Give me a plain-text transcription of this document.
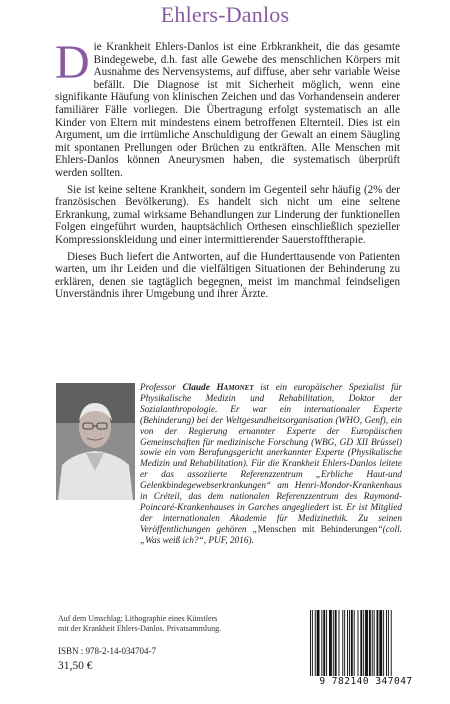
Ehlers-Danlos

Die Krankheit Ehlers-Danlos ist eine Erbkrankheit, die das gesamte Bindegewebe, d.h. fast alle Gewebe des menschlichen Körpers mit Ausnahme des Nervensystems, auf diffuse, aber sehr variable Weise befällt. Die Diagnose ist mit Sicherheit möglich, wenn eine signifikante Häufung von klinischen Zeichen und das Vorhandensein anderer familiärer Fälle vorliegen. Die Übertragung erfolgt systematisch an alle Kinder von Eltern mit mindestens einem betroffenen Elternteil. Dies ist ein Argument, um die irrtümliche Anschuldigung der Gewalt an einem Säugling mit spontanen Prellungen oder Brüchen zu entkräften. Alle Menschen mit Ehlers-Danlos können Aneurysmen haben, die systematisch überprüft werden sollten.

Sie ist keine seltene Krankheit, sondern im Gegenteil sehr häufig (2% der französischen Bevölkerung). Es handelt sich nicht um eine seltene Erkrankung, zumal wirksame Behandlungen zur Linderung der funktionellen Folgen eingeführt wurden, hauptsächlich Orthesen einschließlich spezieller Kompressionskleidung und einer intermittierender Sauerstofftherapie.

Dieses Buch liefert die Antworten, auf die Hunderttausende von Patienten warten, um ihr Leiden und die vielfältigen Situationen der Behinderung zu erklären, denen sie tagtäglich begegnen, meist im manchmal feindseligen Unverständnis ihrer Umgebung und ihrer Ärzte.

Professor Claude Hamonet ist ein europäischer Spezialist für Physikalische Medizin und Rehabilitation, Doktor der Sozialanthropologie. Er war ein internationaler Experte (Behinderung) bei der Weltgesundheitsorganisation (WHO, Genf), ein von der Regierung ernannter Experte der Europäischen Gemeinschaften für medizinische Forschung (WBG, GD XII Brüssel) sowie ein vom Berufungsgericht anerkannter Experte (Physikalische Medizin und Rehabilitation). Für die Krankheit Ehlers-Danlos leitete er das assoziierte Referenzzentrum „Erbliche Haut-und Gelenkbindegewebserkrankungen“ am Henri-Mondor-Krankenhaus in Créteil, das dem nationalen Referenzzentrum des Raymond-Poincaré-Krankenhauses in Garches angegliedert ist. Er ist Mitglied der internationalen Akademie für Medizinethik. Zu seinen Veröffentlichungen gehören „Menschen mit Behinderungen“(coll. „Was weiß ich?“, PUF, 2016).
Auf dem Umschlag: Lithographie eines Künstlers
mit der Krankheit Ehlers-Danlos. Privatsammlung.
ISBN : 978-2-14-034704-7
31,50 €
9 782140 347047
